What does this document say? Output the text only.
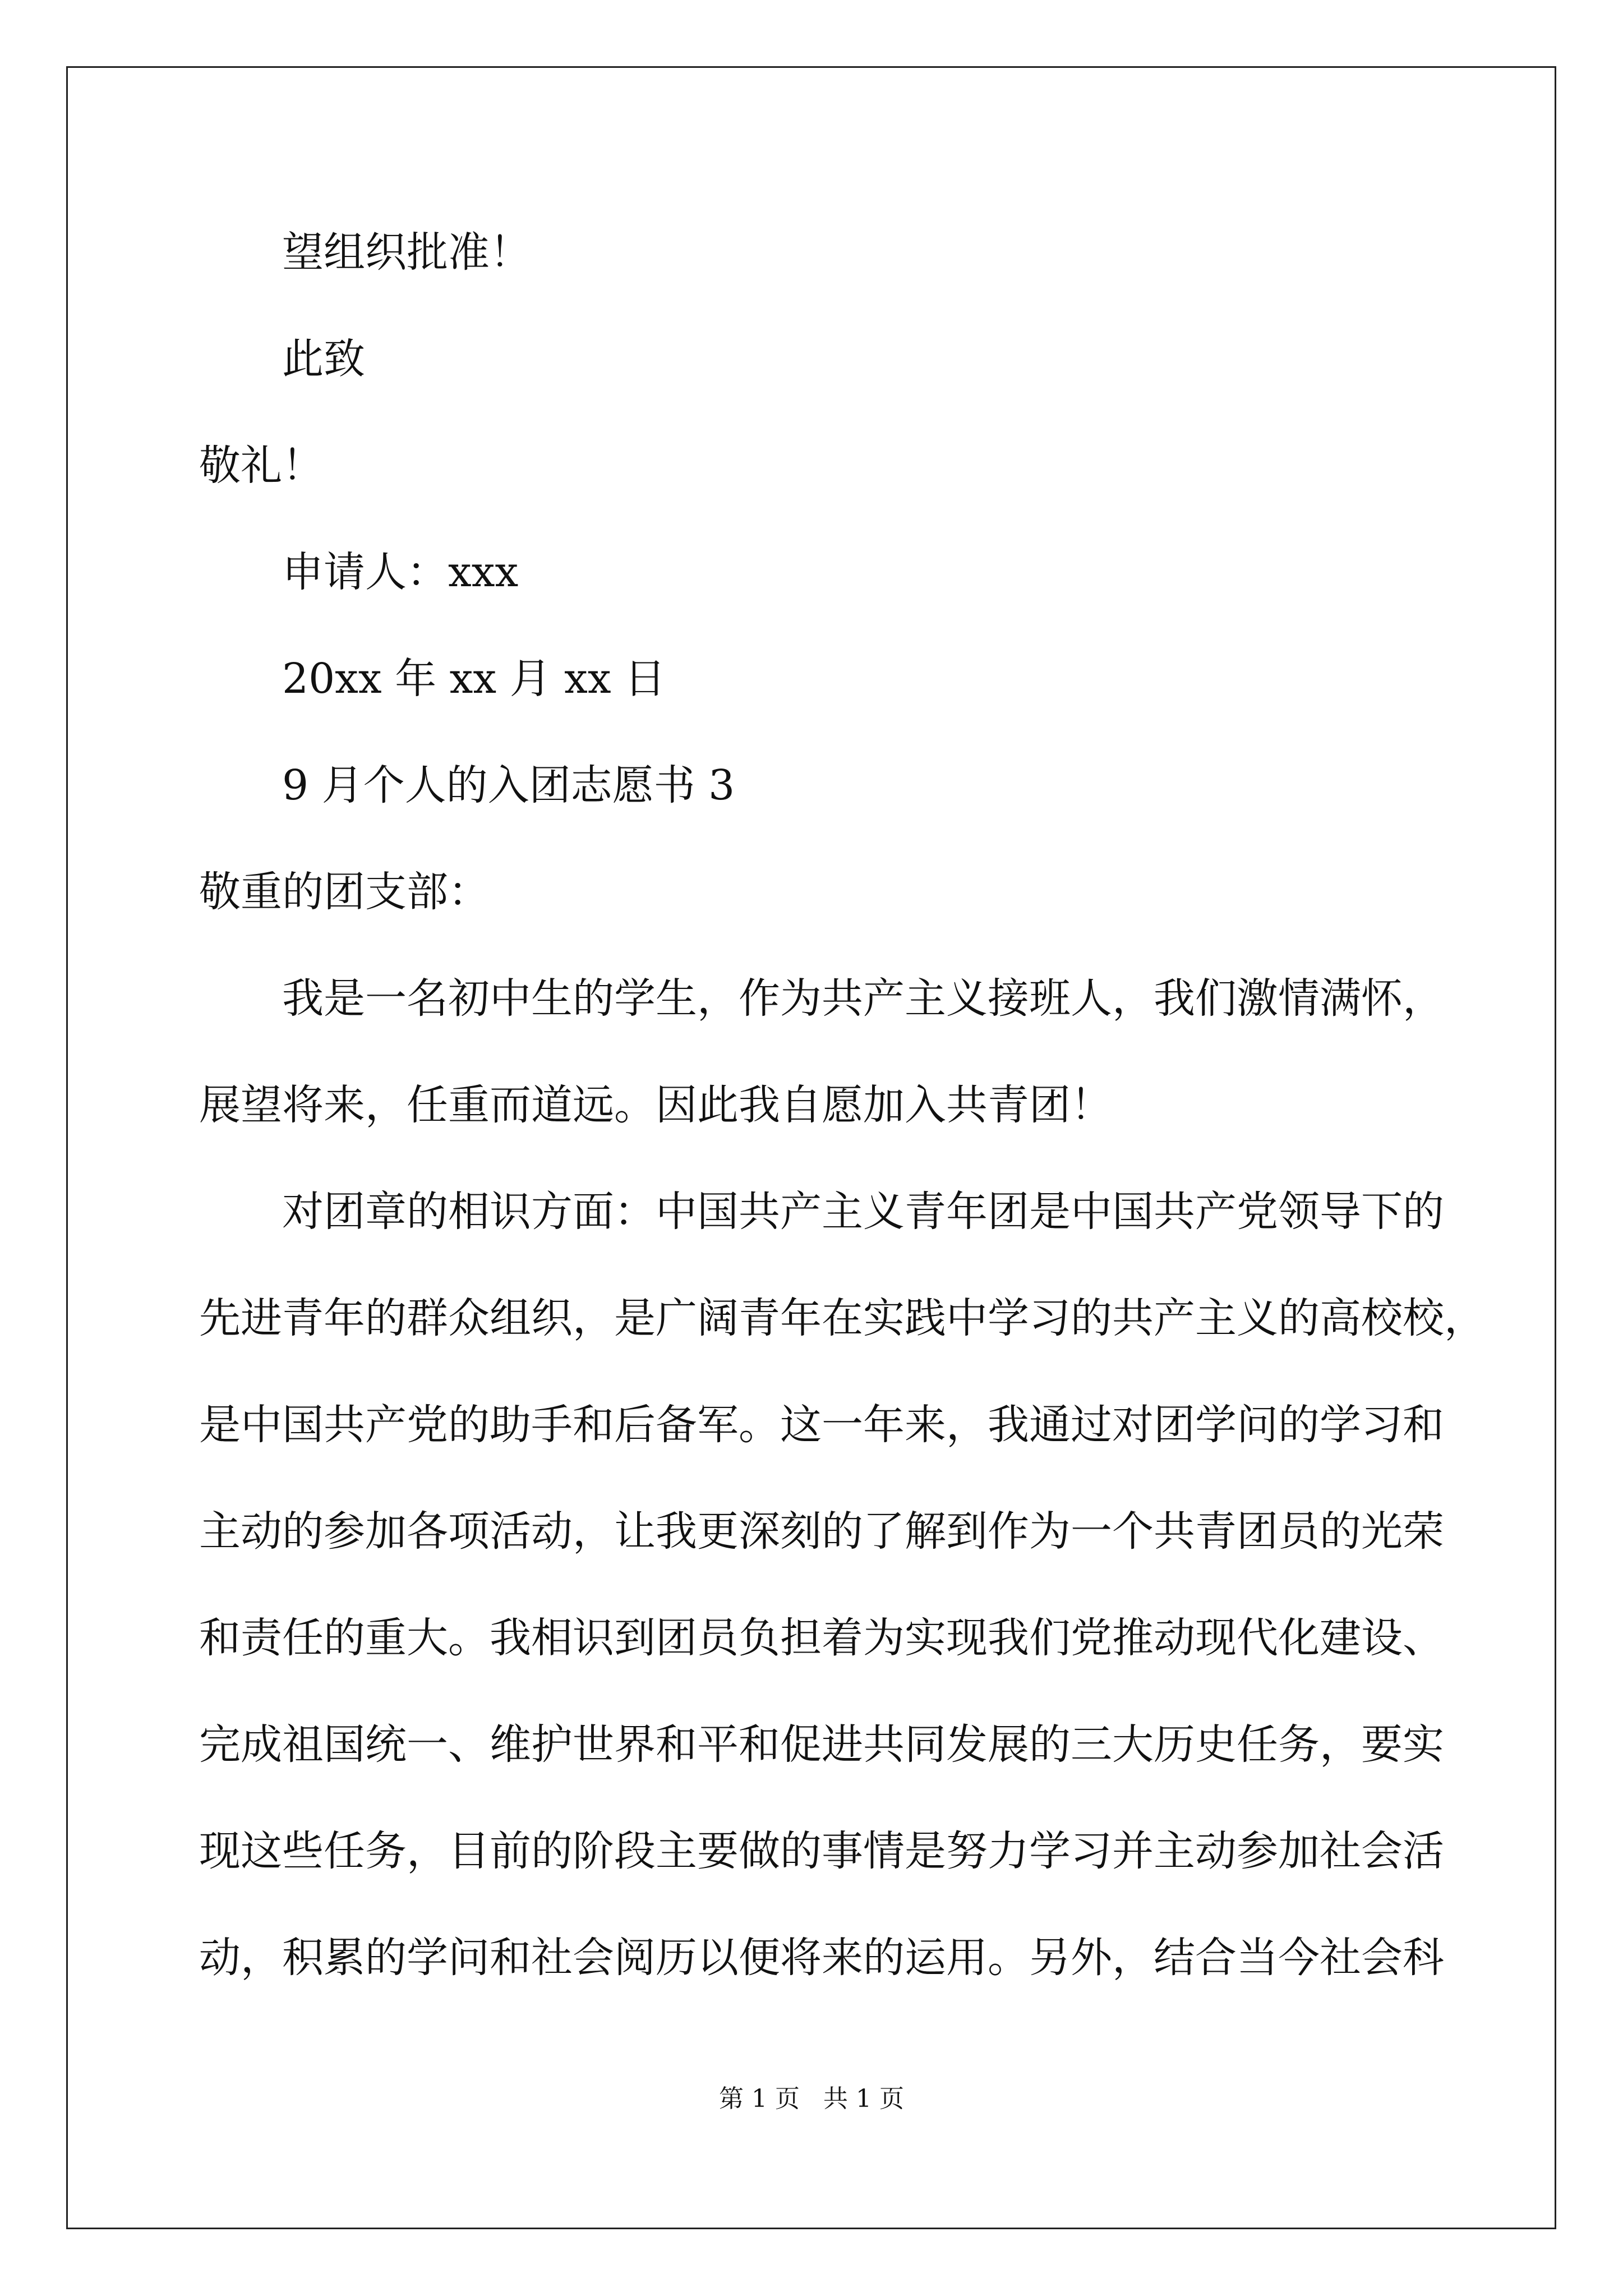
望组织批准！
此致
敬礼！
申请人：xxx
20xx 年 xx 月 xx 日
9 月个人的入团志愿书 3
敬重的团支部：
我是一名初中生的学生，作为共产主义接班人，我们激情满怀，
展望将来，任重而道远。因此我自愿加入共青团！
对团章的相识方面：中国共产主义青年团是中国共产党领导下的
先进青年的群众组织，是广阔青年在实践中学习的共产主义的高校校，
是中国共产党的助手和后备军。这一年来，我通过对团学问的学习和
主动的参加各项活动，让我更深刻的了解到作为一个共青团员的光荣
和责任的重大。我相识到团员负担着为实现我们党推动现代化建设、
完成祖国统一、维护世界和平和促进共同发展的三大历史任务，要实
现这些任务，目前的阶段主要做的事情是努力学习并主动参加社会活
动，积累的学问和社会阅历以便将来的运用。另外，结合当今社会科
第 1 页   共 1 页
